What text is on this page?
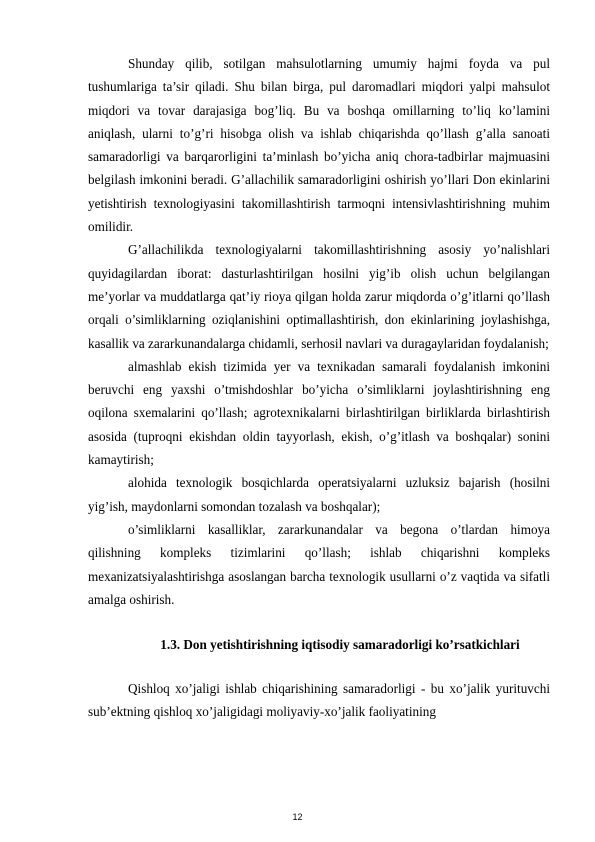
Shunday qilib, sotilgan mahsulotlarning umumiy hajmi foyda va pul tushumlariga ta’sir qiladi. Shu bilan birga, pul daromadlari miqdori yalpi mahsulot miqdori va tovar darajasiga bog’liq. Bu va boshqa omillarning to’liq ko’lamini aniqlash, ularni to’g’ri hisobga olish va ishlab chiqarishda qo’llash g’alla sanoati samaradorligi va barqarorligini ta’minlash bo’yicha aniq chora-tadbirlar majmuasini belgilash imkonini beradi. G’allachilik samaradorligini oshirish yo’llari Don ekinlarini yetishtirish texnologiyasini takomillashtirish tarmoqni intensivlashtirishning muhim omilidir.

G’allachilikda texnologiyalarni takomillashtirishning asosiy yo’nalishlari quyidagilardan iborat: dasturlashtirilgan hosilni yig’ib olish uchun belgilangan me’yorlar va muddatlarga qat’iy rioya qilgan holda zarur miqdorda o’g’itlarni qo’llash orqali o’simliklarning oziqlanishini optimallashtirish, don ekinlarining joylashishga, kasallik va zararkunandalarga chidamli, serhosil navlari va duragaylaridan foydalanish;

almashlab ekish tizimida yer va texnikadan samarali foydalanish imkonini beruvchi eng yaxshi o’tmishdoshlar bo’yicha o’simliklarni joylashtirishning eng oqilona sxemalarini qo’llash; agrotexnikalarni birlashtirilgan birliklarda birlashtirish asosida (tuproqni ekishdan oldin tayyorlash, ekish, o’g’itlash va boshqalar) sonini kamaytirish;

alohida texnologik bosqichlarda operatsiyalarni uzluksiz bajarish (hosilni yig’ish, maydonlarni somondan tozalash va boshqalar);

o’simliklarni kasalliklar, zararkunandalar va begona o’tlardan himoya qilishning kompleks tizimlarini qo’llash; ishlab chiqarishni kompleks mexanizatsiyalashtirishga asoslangan barcha texnologik usullarni o’z vaqtida va sifatli amalga oshirish.

1.3. Don yetishtirishning iqtisodiy samaradorligi ko’rsatkichlari

Qishloq xo’jaligi ishlab chiqarishining samaradorligi - bu xo’jalik yurituvchi sub’ektning qishloq xo’jaligidagi moliyaviy-xo’jalik faoliyatining

12
